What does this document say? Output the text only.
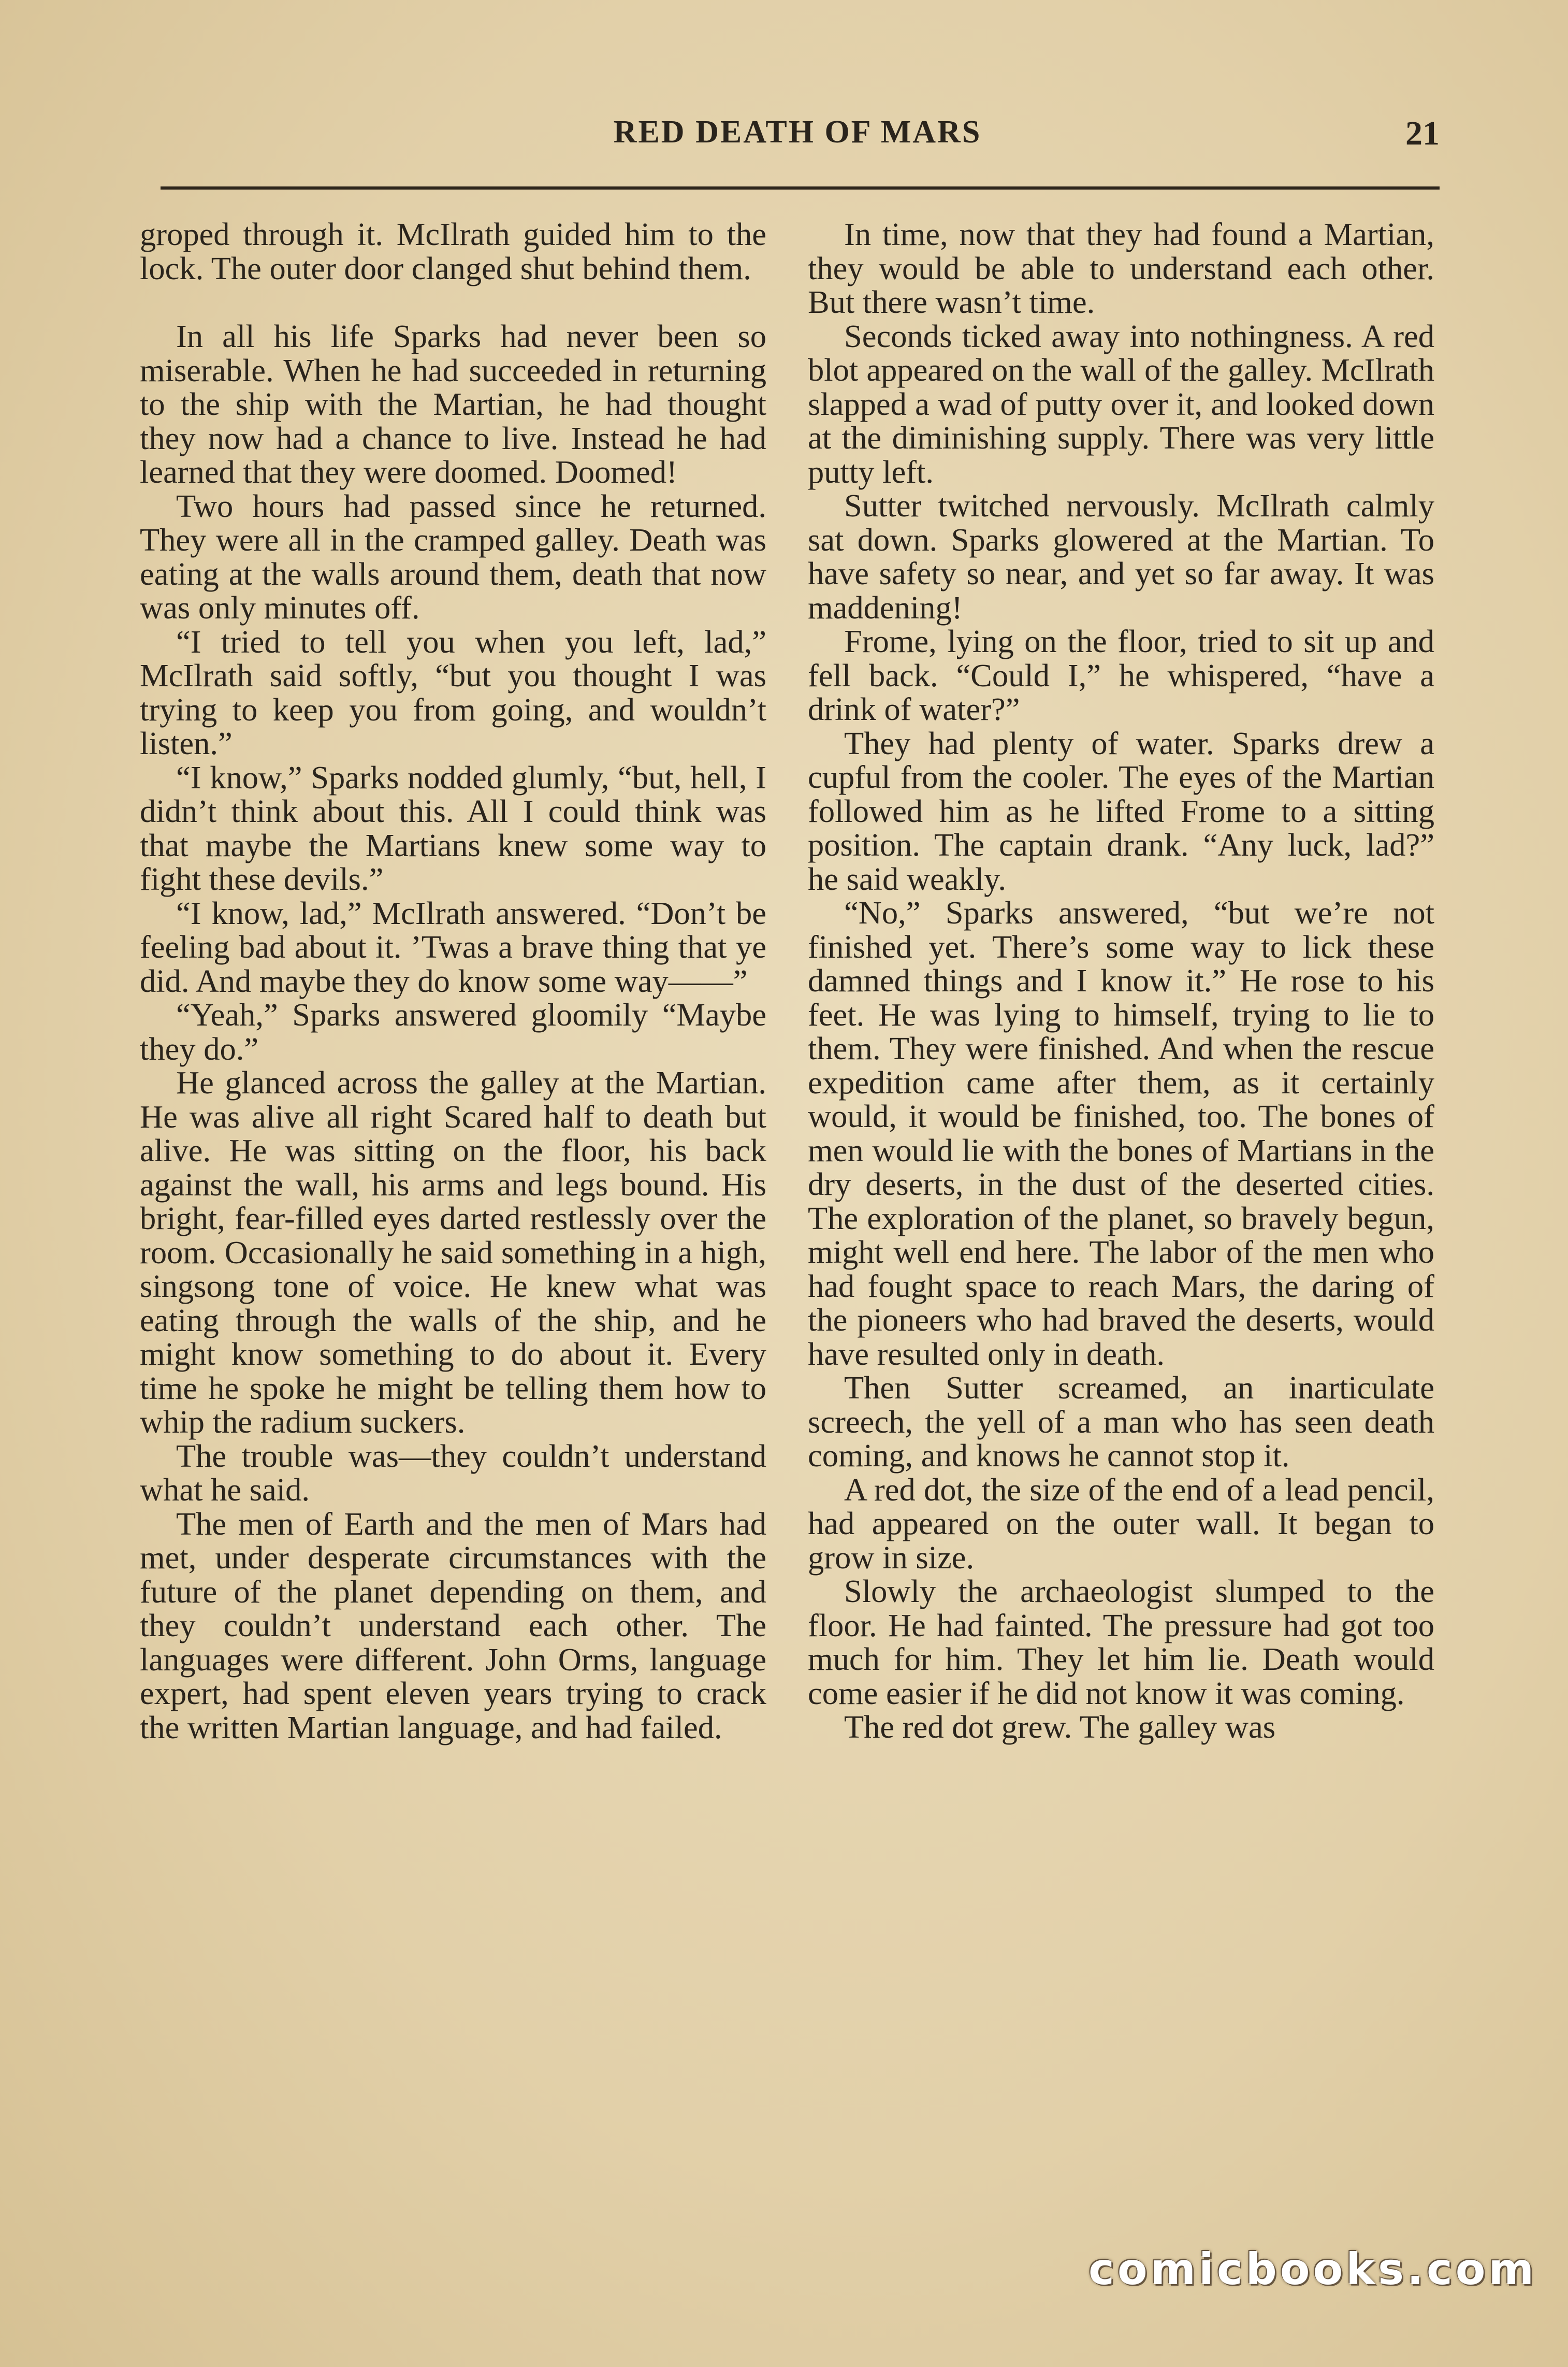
RED DEATH OF MARS	21

groped through it. McIlrath guided him to the lock. The outer door clanged shut behind them.

In all his life Sparks had never been so miserable. When he had succeeded in returning to the ship with the Martian, he had thought they now had a chance to live. Instead he had learned that they were doomed. Doomed!

Two hours had passed since he returned. They were all in the cramped galley. Death was eating at the walls around them, death that now was only minutes off.

“I tried to tell you when you left, lad,” McIlrath said softly, “but you thought I was trying to keep you from going, and wouldn’t listen.”

“I know,” Sparks nodded glumly, “but, hell, I didn’t think about this. All I could think was that maybe the Martians knew some way to fight these devils.”

“I know, lad,” McIlrath answered. “Don’t be feeling bad about it. ’Twas a brave thing that ye did. And maybe they do know some way——”

“Yeah,” Sparks answered gloomily “Maybe they do.”

He glanced across the galley at the Martian. He was alive all right Scared half to death but alive. He was sitting on the floor, his back against the wall, his arms and legs bound. His bright, fear-filled eyes darted restlessly over the room. Occasionally he said something in a high, singsong tone of voice. He knew what was eating through the walls of the ship, and he might know something to do about it. Every time he spoke he might be telling them how to whip the radium suckers.

The trouble was—they couldn’t understand what he said.

The men of Earth and the men of Mars had met, under desperate circumstances with the future of the planet depending on them, and they couldn’t understand each other. The languages were different. John Orms, language expert, had spent eleven years trying to crack the written Martian language, and had failed.

In time, now that they had found a Martian, they would be able to understand each other. But there wasn’t time.

Seconds ticked away into nothingness. A red blot appeared on the wall of the galley. McIlrath slapped a wad of putty over it, and looked down at the diminishing supply. There was very little putty left.

Sutter twitched nervously. McIlrath calmly sat down. Sparks glowered at the Martian. To have safety so near, and yet so far away. It was maddening!

Frome, lying on the floor, tried to sit up and fell back. “Could I,” he whispered, “have a drink of water?”

They had plenty of water. Sparks drew a cupful from the cooler. The eyes of the Martian followed him as he lifted Frome to a sitting position. The captain drank. “Any luck, lad?” he said weakly.

“No,” Sparks answered, “but we’re not finished yet. There’s some way to lick these damned things and I know it.” He rose to his feet. He was lying to himself, trying to lie to them. They were finished. And when the rescue expedition came after them, as it certainly would, it would be finished, too. The bones of men would lie with the bones of Martians in the dry deserts, in the dust of the deserted cities. The exploration of the planet, so bravely begun, might well end here. The labor of the men who had fought space to reach Mars, the daring of the pioneers who had braved the deserts, would have resulted only in death.

Then Sutter screamed, an inarticulate screech, the yell of a man who has seen death coming, and knows he cannot stop it.

A red dot, the size of the end of a lead pencil, had appeared on the outer wall. It began to grow in size.

Slowly the archaeologist slumped to the floor. He had fainted. The pressure had got too much for him. They let him lie. Death would come easier if he did not know it was coming.

The red dot grew. The galley was

comicbooks.com
